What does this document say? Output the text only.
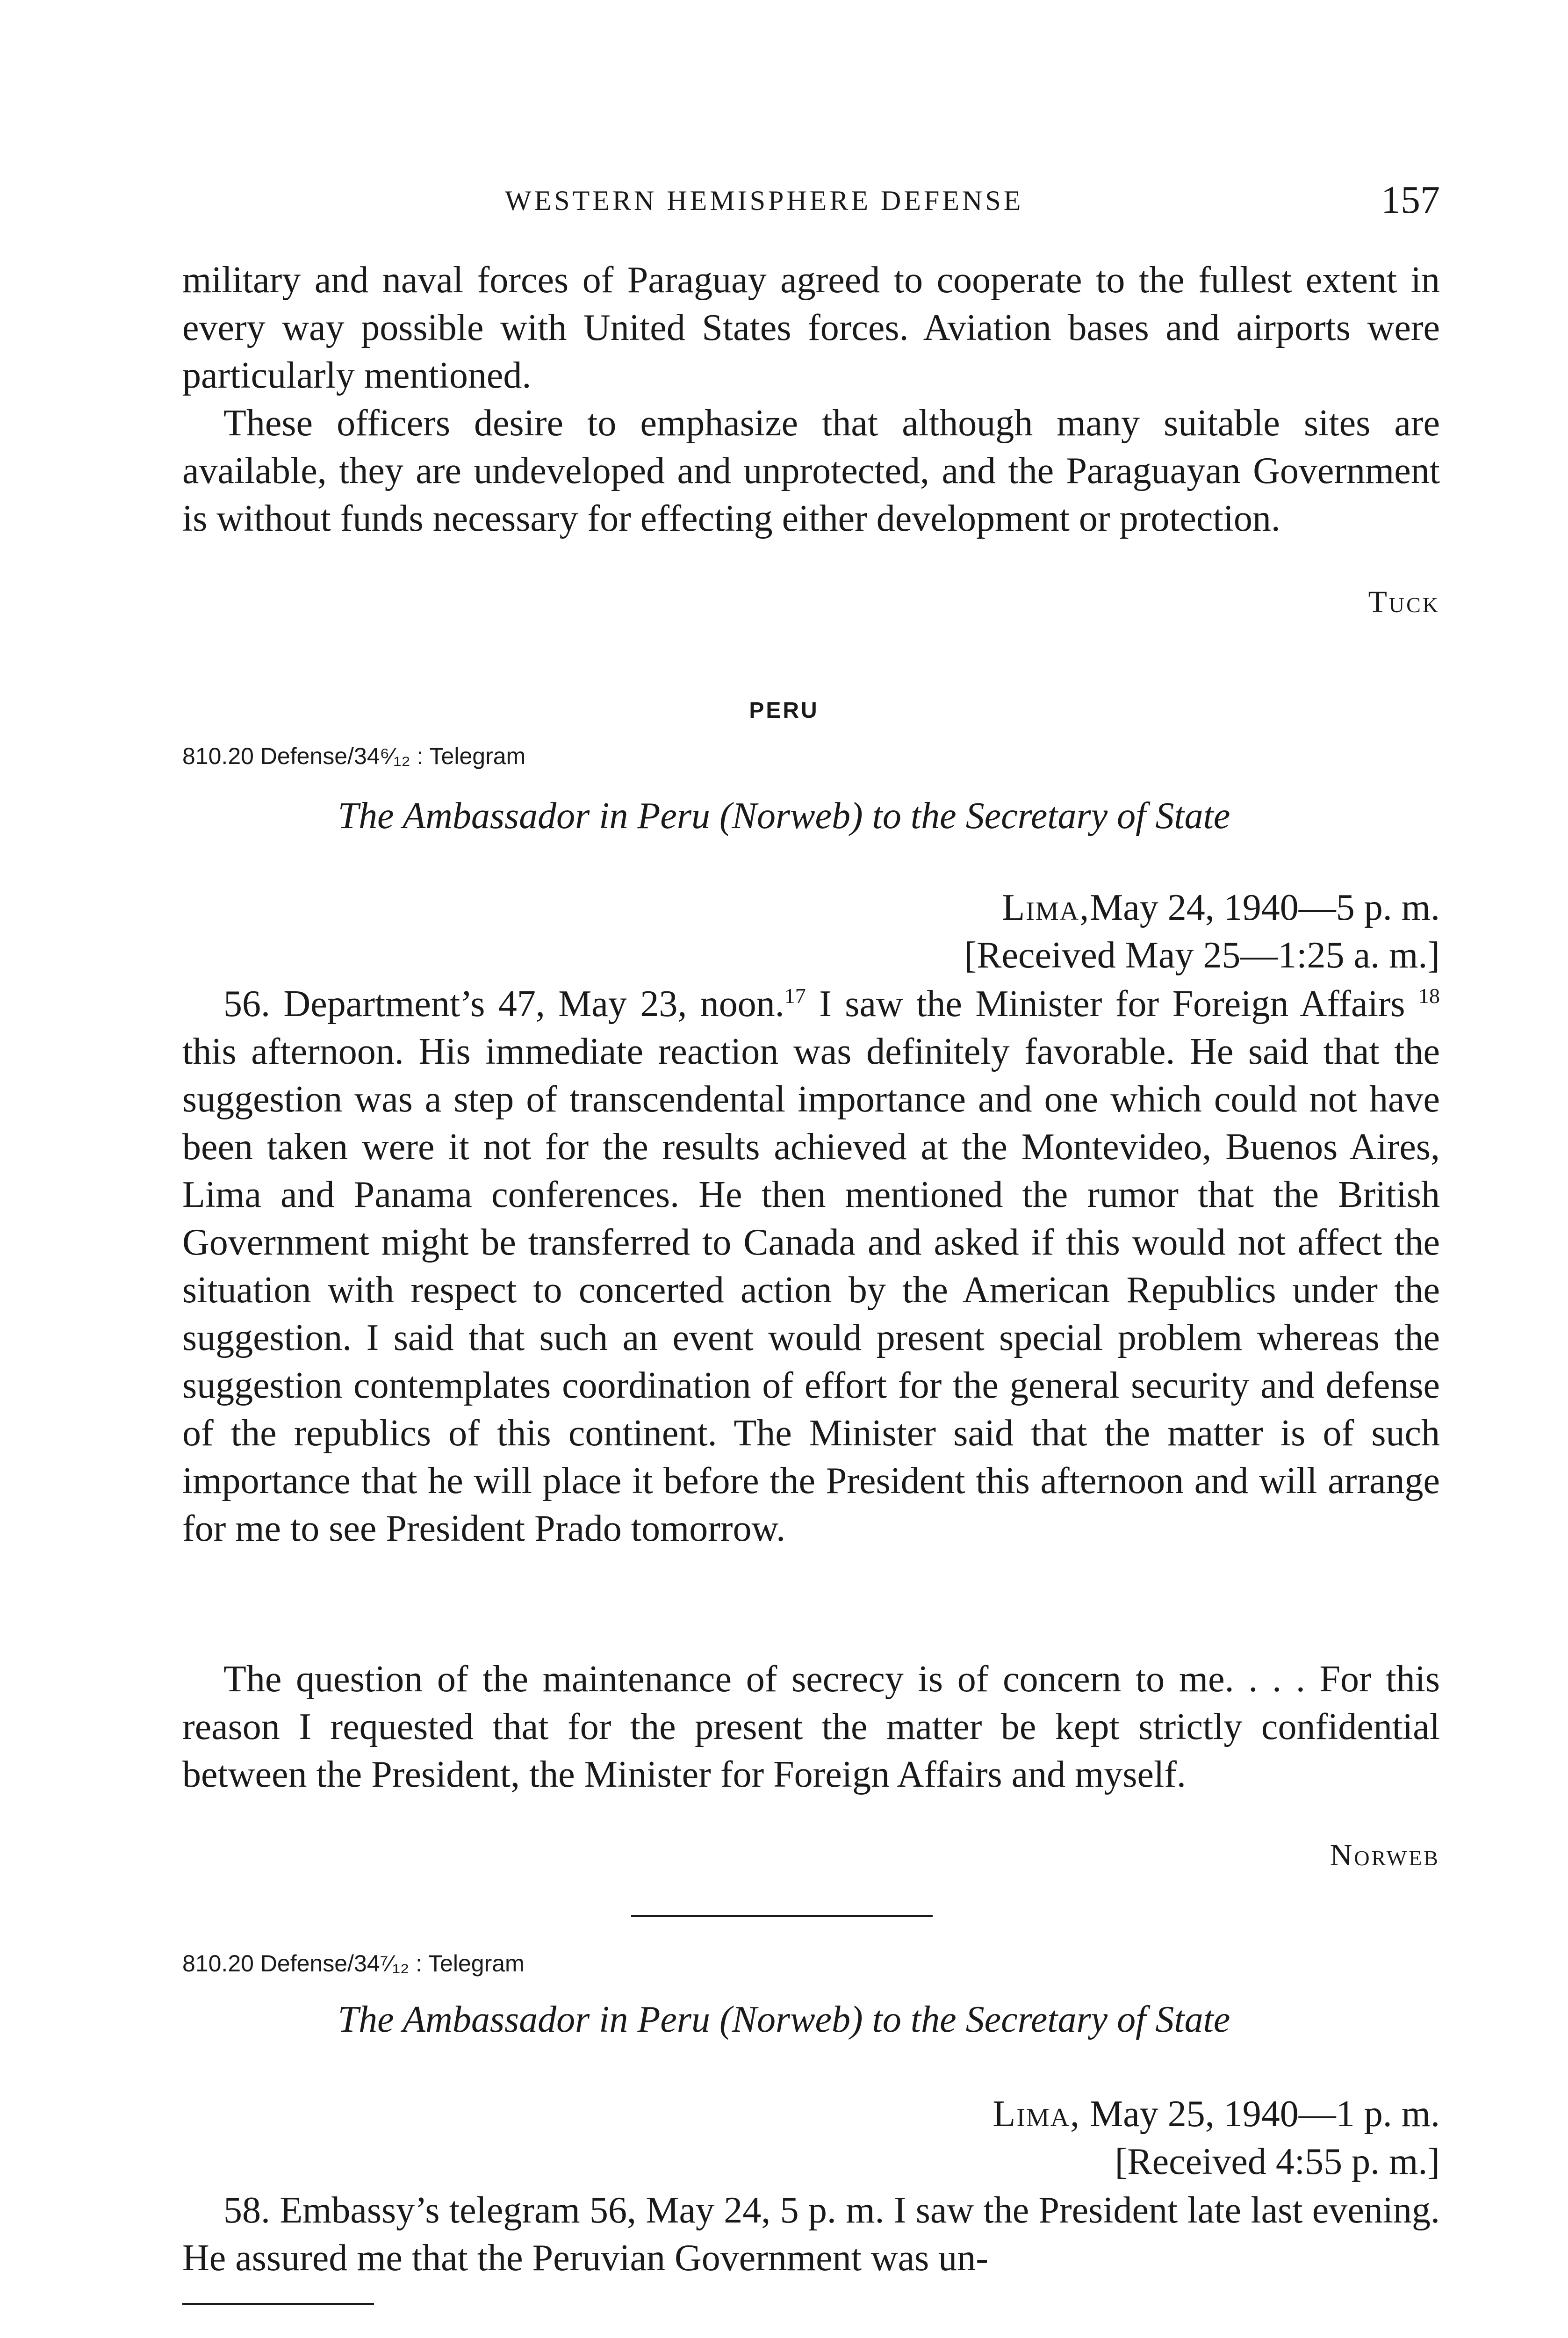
WESTERN HEMISPHERE DEFENSE	157

military and naval forces of Paraguay agreed to cooperate to the fullest extent in every way possible with United States forces. Aviation bases and airports were particularly mentioned.

These officers desire to emphasize that although many suitable sites are available, they are undeveloped and unprotected, and the Paraguayan Government is without funds necessary for effecting either development or protection.

Tuck
PERU
810.20 Defense/34⁶⁄₁₂ : Telegram
The Ambassador in Peru (Norweb) to the Secretary of State
Lima,May 24, 1940—5 p. m.
[Received May 25—1:25 a. m.]

56. Department’s 47, May 23, noon.$^{17}$ I saw the Minister for Foreign Affairs $^{18}$ this afternoon. His immediate reaction was definitely favorable. He said that the suggestion was a step of transcendental importance and one which could not have been taken were it not for the results achieved at the Montevideo, Buenos Aires, Lima and Panama conferences. He then mentioned the rumor that the British Government might be transferred to Canada and asked if this would not affect the situation with respect to concerted action by the American Republics under the suggestion. I said that such an event would present special problem whereas the suggestion contemplates coordination of effort for the general security and defense of the republics of this continent. The Minister said that the matter is of such importance that he will place it before the President this afternoon and will arrange for me to see President Prado tomorrow.

The question of the maintenance of secrecy is of concern to me. . . . For this reason I requested that for the present the matter be kept strictly confidential between the President, the Minister for Foreign Affairs and myself.

Norweb
810.20 Defense/34⁷⁄₁₂ : Telegram
The Ambassador in Peru (Norweb) to the Secretary of State
Lima, May 25, 1940—1 p. m.
[Received 4:55 p. m.]

58. Embassy’s telegram 56, May 24, 5 p. m. I saw the President late last evening. He assured me that the Peruvian Government was un-
